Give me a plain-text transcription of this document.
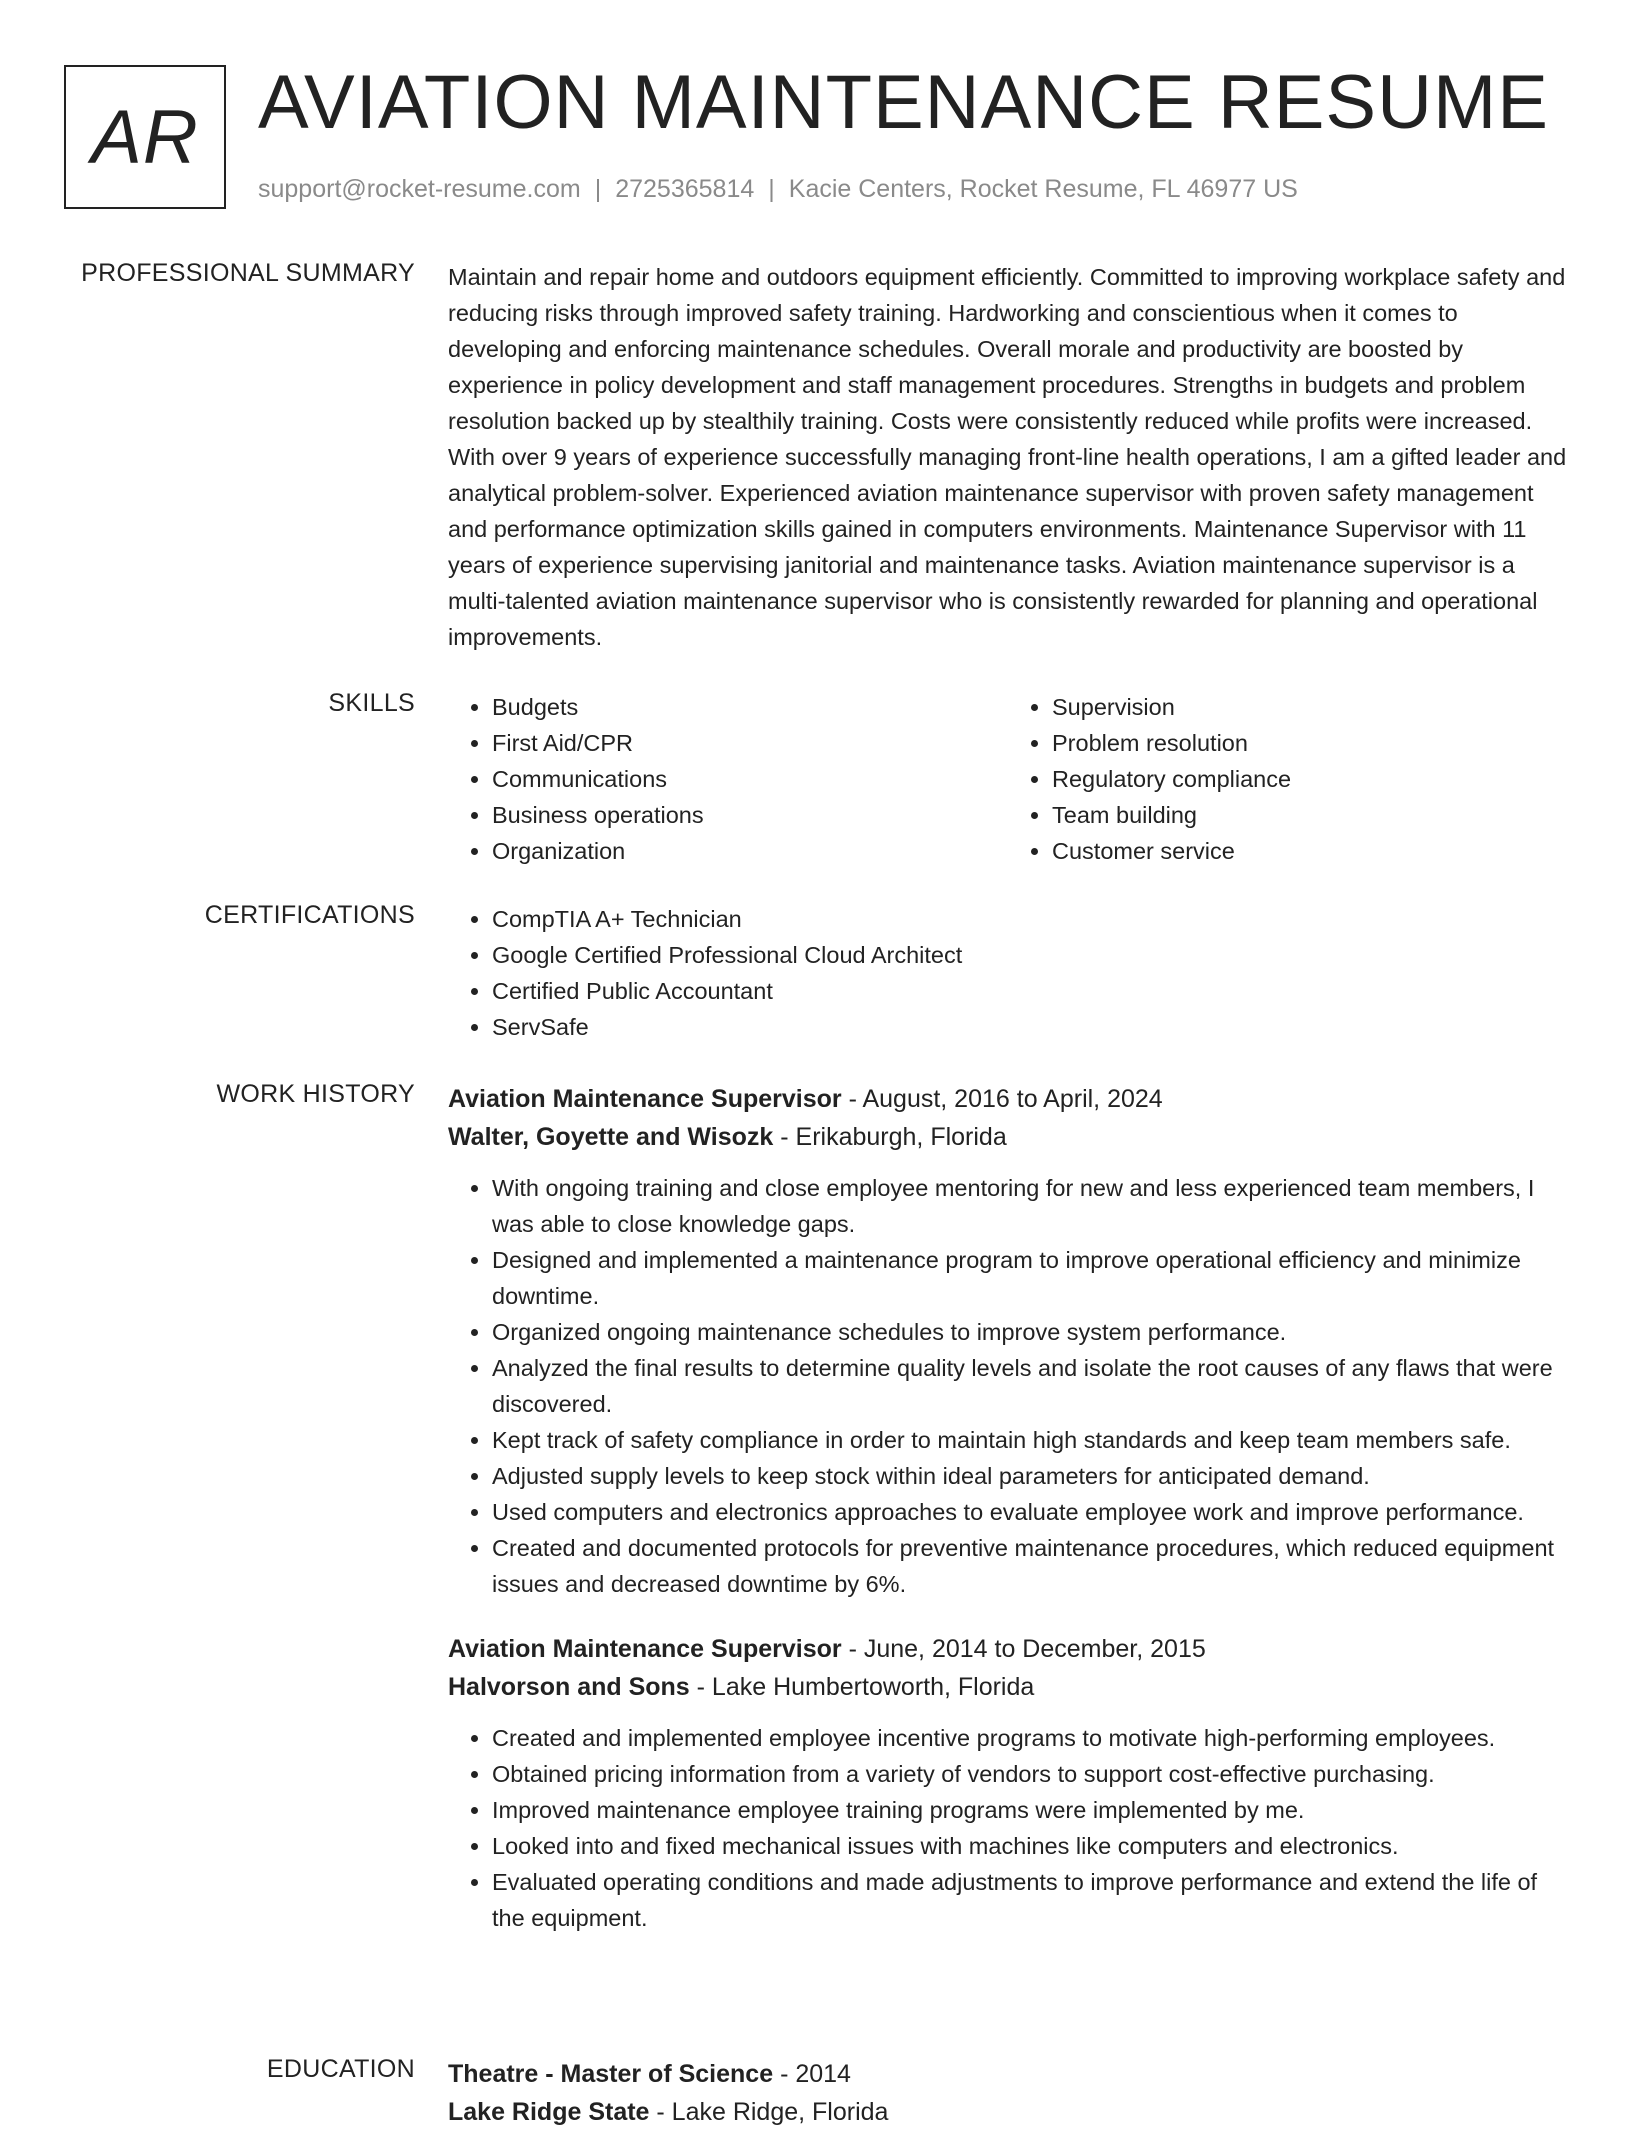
AR AVIATION MAINTENANCE RESUME
support@rocket-resume.com | 2725365814 | Kacie Centers, Rocket Resume, FL 46977 US
PROFESSIONAL SUMMARY Maintain and repair home and outdoors equipment efficiently. Committed to improving workplace safety and reducing risks through improved safety training. Hardworking and conscientious when it comes to developing and enforcing maintenance schedules. Overall morale and productivity are boosted by experience in policy development and staff management procedures. Strengths in budgets and problem resolution backed up by stealthily training. Costs were consistently reduced while profits were increased. With over 9 years of experience successfully managing front-line health operations, I am a gifted leader and analytical problem-solver. Experienced aviation maintenance supervisor with proven safety management and performance optimization skills gained in computers environments. Maintenance Supervisor with 11 years of experience supervising janitorial and maintenance tasks. Aviation maintenance supervisor is a multi-talented aviation maintenance supervisor who is consistently rewarded for planning and operational improvements.

SKILLS	• Budgets
• First Aid/CPR
• Communications
• Business operations
• Organization
• Supervision
• Problem resolution
• Regulatory compliance
• Team building
• Customer service
CERTIFICATIONS	• CompTIA A+ Technician
• Google Certified Professional Cloud Architect
• Certified Public Accountant
• ServSafe
WORK HISTORY Aviation Maintenance Supervisor - August, 2016 to April, 2024
Walter, Goyette and Wisozk - Erikaburgh, Florida
• With ongoing training and close employee mentoring for new and less experienced team members, I was able to close knowledge gaps.
• Designed and implemented a maintenance program to improve operational efficiency and minimize downtime.
• Organized ongoing maintenance schedules to improve system performance.
• Analyzed the final results to determine quality levels and isolate the root causes of any flaws that were discovered.
• Kept track of safety compliance in order to maintain high standards and keep team members safe.
• Adjusted supply levels to keep stock within ideal parameters for anticipated demand.
• Used computers and electronics approaches to evaluate employee work and improve performance.
• Created and documented protocols for preventive maintenance procedures, which reduced equipment issues and decreased downtime by 6%.
Aviation Maintenance Supervisor - June, 2014 to December, 2015
Halvorson and Sons - Lake Humbertoworth, Florida
• Created and implemented employee incentive programs to motivate high-performing employees.
• Obtained pricing information from a variety of vendors to support cost-effective purchasing.
• Improved maintenance employee training programs were implemented by me.
• Looked into and fixed mechanical issues with machines like computers and electronics.
• Evaluated operating conditions and made adjustments to improve performance and extend the life of the equipment.
EDUCATION Theatre - Master of Science - 2014
Lake Ridge State - Lake Ridge, Florida
